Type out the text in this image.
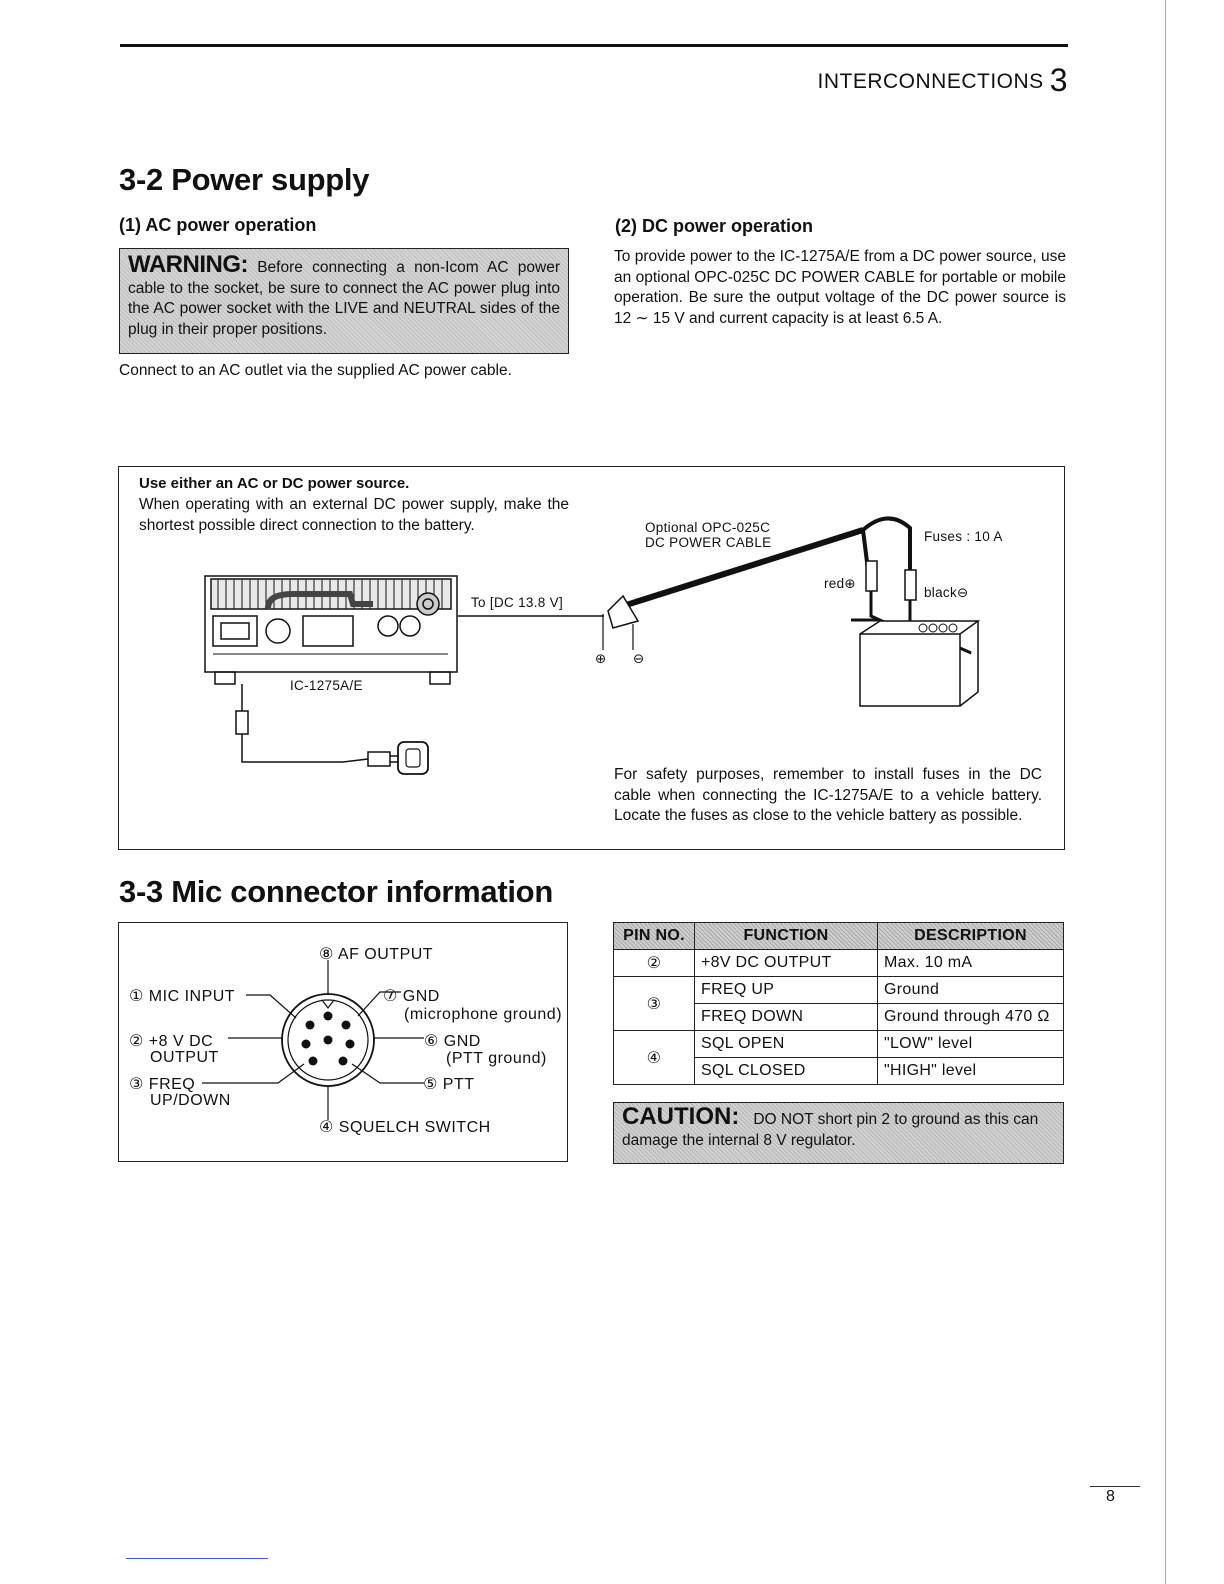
INTERCONNECTIONS 3
3-2 Power supply
(1) AC power operation
WARNING: Before connecting a non-Icom AC power cable to the socket, be sure to connect the AC power plug into the AC power socket with the LIVE and NEUTRAL sides of the plug in their proper positions.
Connect to an AC outlet via the supplied AC power cable.
(2) DC power operation
To provide power to the IC-1275A/E from a DC power source, use an optional OPC-025C DC POWER CABLE for portable or mobile operation. Be sure the output voltage of the DC power source is 12 ∼ 15 V and current capacity is at least 6.5 A.
Use either an AC or DC power source.
When operating with an external DC power supply, make the shortest possible direct connection to the battery.
To [DC 13.8 V]
Optional OPC-025C
DC POWER CABLE	Fuses : 10 A
red⊕
black⊖
⊕ ⊖
IC-1275A/E
For safety purposes, remember to install fuses in the DC cable when connecting the IC-1275A/E to a vehicle battery. Locate the fuses as close to the vehicle battery as possible.
3-3 Mic connector information
⑧ AF OUTPUT
① MIC INPUT	⑦ GND
(microphone ground)
② +8 V DC
OUTPUT
⑥ GND
(PTT ground)
③ FREQ
UP/DOWN
⑤ PTT
④ SQUELCH SWITCH
PIN NO.	FUNCTION	DESCRIPTION
②	+8V DC OUTPUT	Max. 10 mA
③	FREQ UP	Ground
	FREQ DOWN	Ground through 470 Ω
④	SQL OPEN	"LOW" level
	SQL CLOSED	"HIGH" level
CAUTION: DO NOT short pin 2 to ground as this can damage the internal 8 V regulator.
8
